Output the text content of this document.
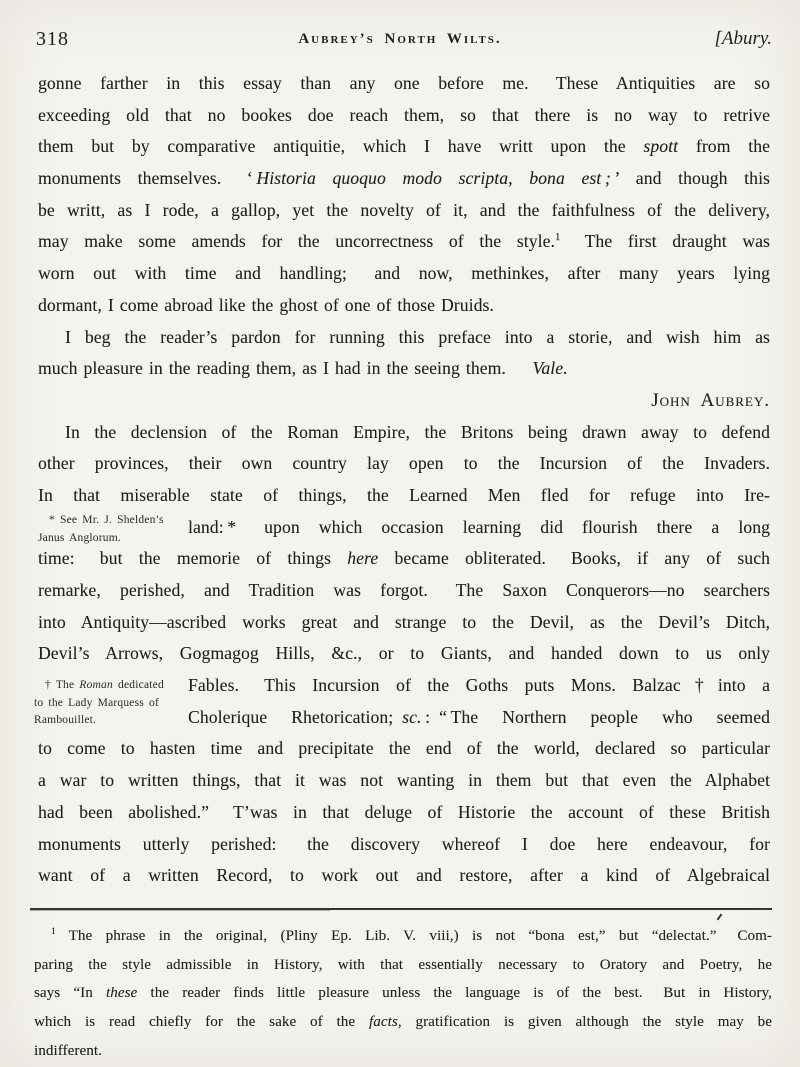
318	Aubrey’s North Wilts.	[Abury.
gonne farther in this essay than any one before me.  These Antiquities are so
exceeding old that no bookes doe reach them, so that there is no way to retrive
them but by comparative antiquitie, which I have writt upon the spott from the
monuments themselves.  ‘ Historia quoquo modo scripta, bona est ; ’ and though this
be writt, as I rode, a gallop, yet the novelty of it, and the faithfulness of the delivery,
may make some amends for the uncorrectness of the style.$^1$  The first draught was
worn out with time and handling;  and now, methinkes, after many years lying
dormant, I come abroad like the ghost of one of those Druids.
I beg the reader’s pardon for running this preface into a storie, and wish him as
much pleasure in the reading them, as I had in the seeing them.  Vale.
John Aubrey.
In the declension of the Roman Empire, the Britons being drawn away to defend
other provinces, their own country lay open to the Incursion of the Invaders.
In that miserable state of things, the Learned Men fled for refuge into Ire-
land: *  upon which occasion learning did flourish there a long
time:  but the memorie of things here became obliterated.  Books, if any of such
remarke, perished, and Tradition was forgot.  The Saxon Conquerors—no searchers
into Antiquity—ascribed works great and strange to the Devil, as the Devil’s Ditch,
Devil’s Arrows, Gogmagog Hills, &c., or to Giants, and handed down to us only
Fables.  This Incursion of the Goths puts Mons. Balzac † into a
Cholerique Rhetorication; sc. : “ The Northern people who seemed
to come to hasten time and precipitate the end of the world, declared so particular
a war to written things, that it was not wanting in them but that even the Alphabet
had been abolished.”  T’was in that deluge of Historie the account of these British
monuments utterly perished:  the discovery whereof I doe here endeavour, for
want of a written Record, to work out and restore, after a kind of Algebraical
* See Mr. J. Shelden’s
Janus Anglorum.
† The Roman dedicated
to the Lady Marquess of
Rambouillet.
$^1$ The phrase in the original, (Pliny Ep. Lib. V. viii,) is not “bona est,” but “delectat.”  Com-
paring the style admissible in History, with that essentially necessary to Oratory and Poetry, he
says “In these the reader finds little pleasure unless the language is of the best.  But in History,
which is read chiefly for the sake of the facts, gratification is given although the style may be
indifferent.
